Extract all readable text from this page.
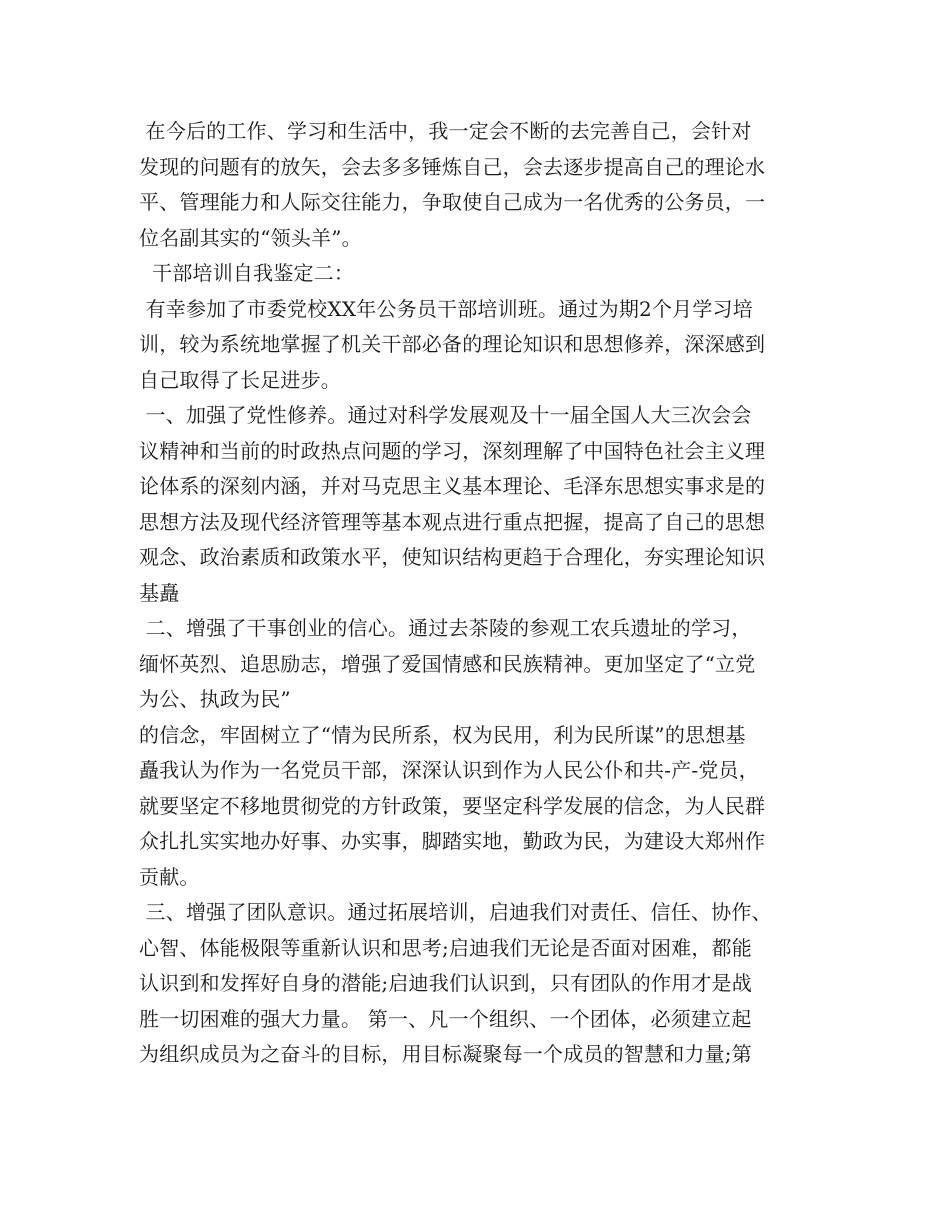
在今后的工作、学习和生活中，我一定会不断的去完善自己，会针对
发现的问题有的放矢，会去多多锤炼自己，会去逐步提高自己的理论水
平、管理能力和人际交往能力，争取使自己成为一名优秀的公务员，一
位名副其实的“领头羊”。
干部培训自我鉴定二：
有幸参加了市委党校XX年公务员干部培训班。通过为期2个月学习培
训，较为系统地掌握了机关干部必备的理论知识和思想修养，深深感到
自己取得了长足进步。
一、加强了党性修养。通过对科学发展观及十一届全国人大三次会会
议精神和当前的时政热点问题的学习，深刻理解了中国特色社会主义理
论体系的深刻内涵，并对马克思主义基本理论、毛泽东思想实事求是的
思想方法及现代经济管理等基本观点进行重点把握，提高了自己的思想
观念、政治素质和政策水平，使知识结构更趋于合理化，夯实理论知识
基矗
二、增强了干事创业的信心。通过去茶陵的参观工农兵遗址的学习，
缅怀英烈、追思励志，增强了爱国情感和民族精神。更加坚定了“立党
为公、执政为民”
的信念，牢固树立了“情为民所系，权为民用，利为民所谋”的思想基
矗我认为作为一名党员干部，深深认识到作为人民公仆和共-产-党员，
就要坚定不移地贯彻党的方针政策，要坚定科学发展的信念，为人民群
众扎扎实实地办好事、办实事，脚踏实地，勤政为民，为建设大郑州作
贡献。
三、增强了团队意识。通过拓展培训，启迪我们对责任、信任、协作、
心智、体能极限等重新认识和思考;启迪我们无论是否面对困难，都能
认识到和发挥好自身的潜能;启迪我们认识到，只有团队的作用才是战
胜一切困难的强大力量。 第一、凡一个组织、一个团体，必须建立起
为组织成员为之奋斗的目标，用目标凝聚每一个成员的智慧和力量;第
